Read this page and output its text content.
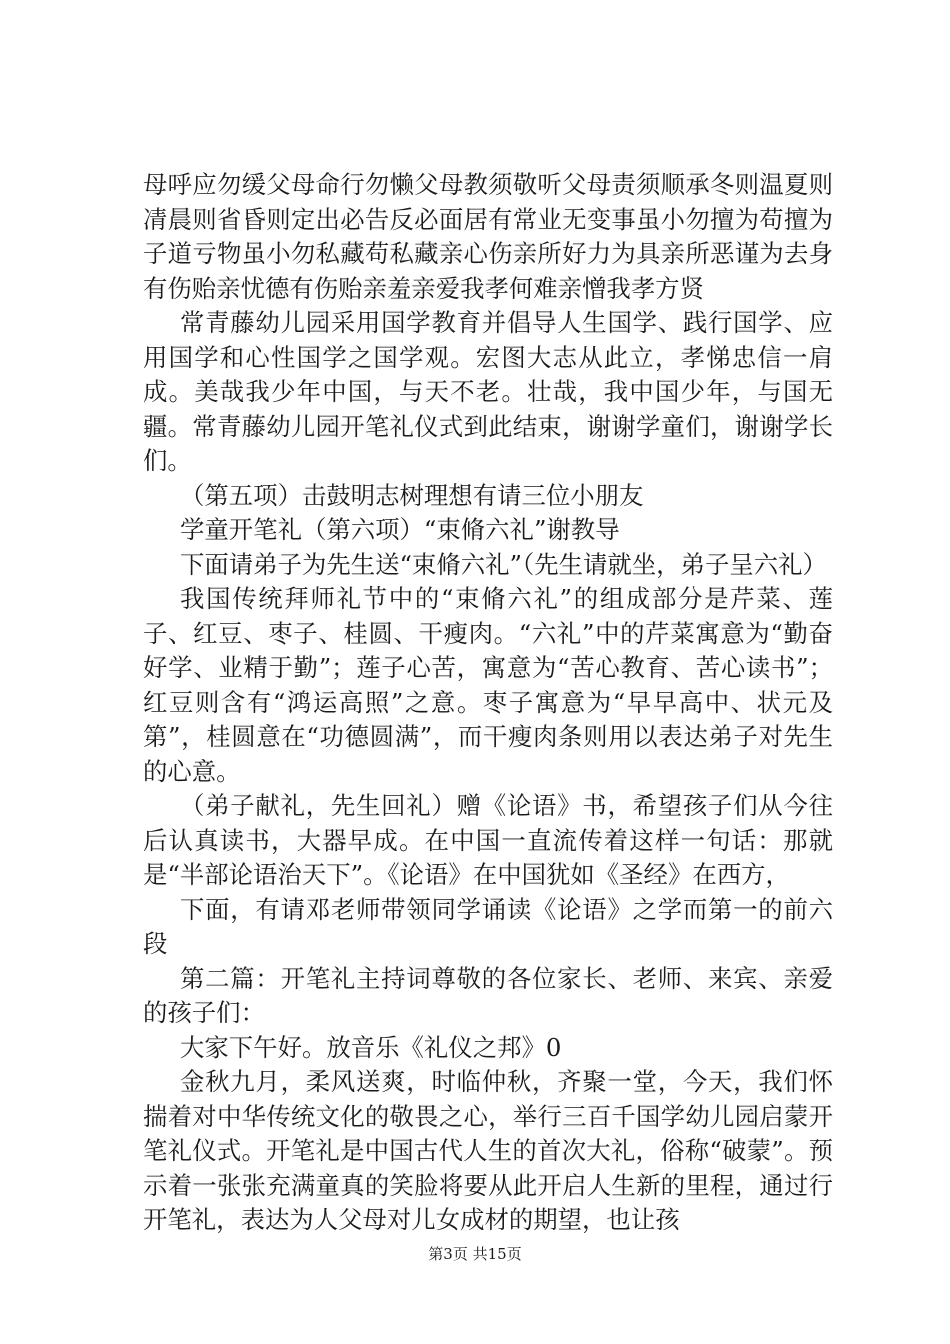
母呼应勿缓父母命行勿懒父母教须敬听父母责须顺承冬则温夏则凊晨则省昏则定出必告反必面居有常业无变事虽小勿擅为苟擅为子道亏物虽小勿私藏苟私藏亲心伤亲所好力为具亲所恶谨为去身有伤贻亲忧德有伤贻亲羞亲爱我孝何难亲憎我孝方贤

常青藤幼儿园采用国学教育并倡导人生国学、践行国学、应用国学和心性国学之国学观。宏图大志从此立，孝悌忠信一肩成。美哉我少年中国，与天不老。壮哉，我中国少年，与国无疆。常青藤幼儿园开笔礼仪式到此结束，谢谢学童们，谢谢学长们。

（第五项）击鼓明志树理想有请三位小朋友

学童开笔礼（第六项）“束脩六礼”谢教导

下面请弟子为先生送“束脩六礼”（先生请就坐，弟子呈六礼）

我国传统拜师礼节中的“束脩六礼”的组成部分是芹菜、莲子、红豆、枣子、桂圆、干瘦肉。“六礼”中的芹菜寓意为“勤奋好学、业精于勤”；莲子心苦，寓意为“苦心教育、苦心读书”；红豆则含有“鸿运高照”之意。枣子寓意为“早早高中、状元及第”，桂圆意在“功德圆满”，而干瘦肉条则用以表达弟子对先生的心意。

（弟子献礼，先生回礼）赠《论语》书，希望孩子们从今往后认真读书，大器早成。在中国一直流传着这样一句话：那就是“半部论语治天下”。《论语》在中国犹如《圣经》在西方，

下面，有请邓老师带领同学诵读《论语》之学而第一的前六段

第二篇：开笔礼主持词尊敬的各位家长、老师、来宾、亲爱的孩子们：

大家下午好。放音乐《礼仪之邦》0

金秋九月，柔风送爽，时临仲秋，齐聚一堂，今天，我们怀揣着对中华传统文化的敬畏之心，举行三百千国学幼儿园启蒙开笔礼仪式。开笔礼是中国古代人生的首次大礼，俗称“破蒙”。预示着一张张充满童真的笑脸将要从此开启人生新的里程，通过行开笔礼，表达为人父母对儿女成材的期望，也让孩

第3页 共15页
